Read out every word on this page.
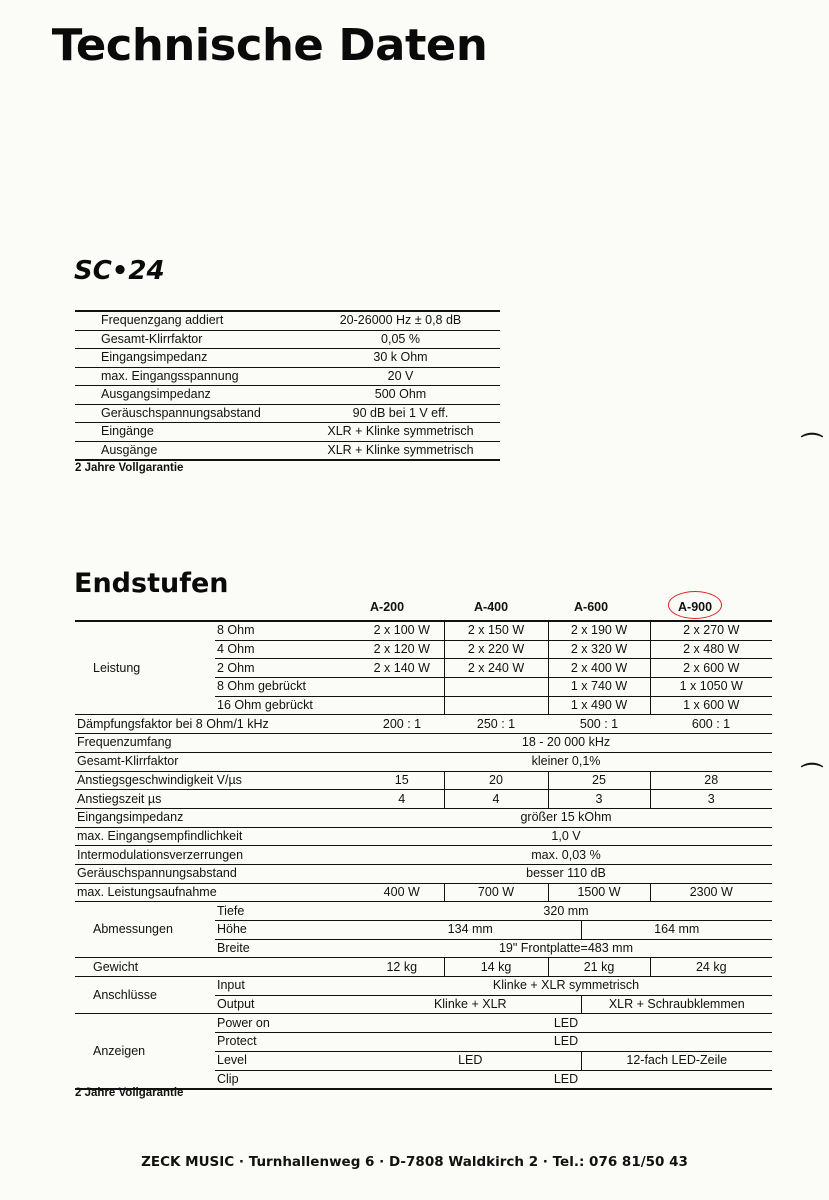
Technische Daten
SC•24
Frequenzgang addiert	20-26000 Hz ± 0,8 dB
Gesamt-Klirrfaktor	0,05 %
Eingangsimpedanz	30 k Ohm
max. Eingangsspannung	20 V
Ausgangsimpedanz	500 Ohm
Geräuschspannungsabstand	90 dB bei 1 V eff.
Eingänge	XLR + Klinke symmetrisch
Ausgänge	XLR + Klinke symmetrisch
2 Jahre Vollgarantie
Endstufen
A-200	A-400	A-600	A-900
Leistung	8 Ohm	2 x 100 W	2 x 150 W	2 x 190 W		2 x 270 W
	4 Ohm	2 x 120 W	2 x 220 W	2 x 320 W		2 x 480 W
	2 Ohm	2 x 140 W	2 x 240 W	2 x 400 W		2 x 600 W
	8 Ohm gebrückt			1 x 740 W		1 x 1050 W
	16 Ohm gebrückt			1 x 490 W		1 x 600 W
Dämpfungsfaktor bei 8 Ohm/1 kHz		200 : 1	250 : 1	500 : 1		600 : 1
Frequenzumfang		18 - 20 000 kHz				
Gesamt-Klirrfaktor		kleiner 0,1%				
Anstiegsgeschwindigkeit V/µs		15	20	25		28
Anstiegszeit µs		4	4	3		3
Eingangsimpedanz		größer 15 kOhm				
max. Eingangsempfindlichkeit		1,0 V				
Intermodulationsverzerrungen		max. 0,03 %				
Geräuschspannungsabstand		besser 110 dB				
max. Leistungsaufnahme		400 W	700 W	1500 W		2300 W
Abmessungen	Tiefe	320 mm				
	Höhe	134 mm			164 mm	
	Breite	19" Frontplatte=483 mm				
Gewicht		12 kg	14 kg	21 kg		24 kg
Anschlüsse	Input	Klinke + XLR symmetrisch				
	Output	Klinke + XLR			XLR + Schraubklemmen	
Anzeigen	Power on	LED				
	Protect	LED				
	Level	LED			12-fach LED-Zeile	
	Clip	LED				
2 Jahre Vollgarantie
⌒
⌒
ZECK MUSIC · Turnhallenweg 6 · D-7808 Waldkirch 2 · Tel.: 076 81/50 43
